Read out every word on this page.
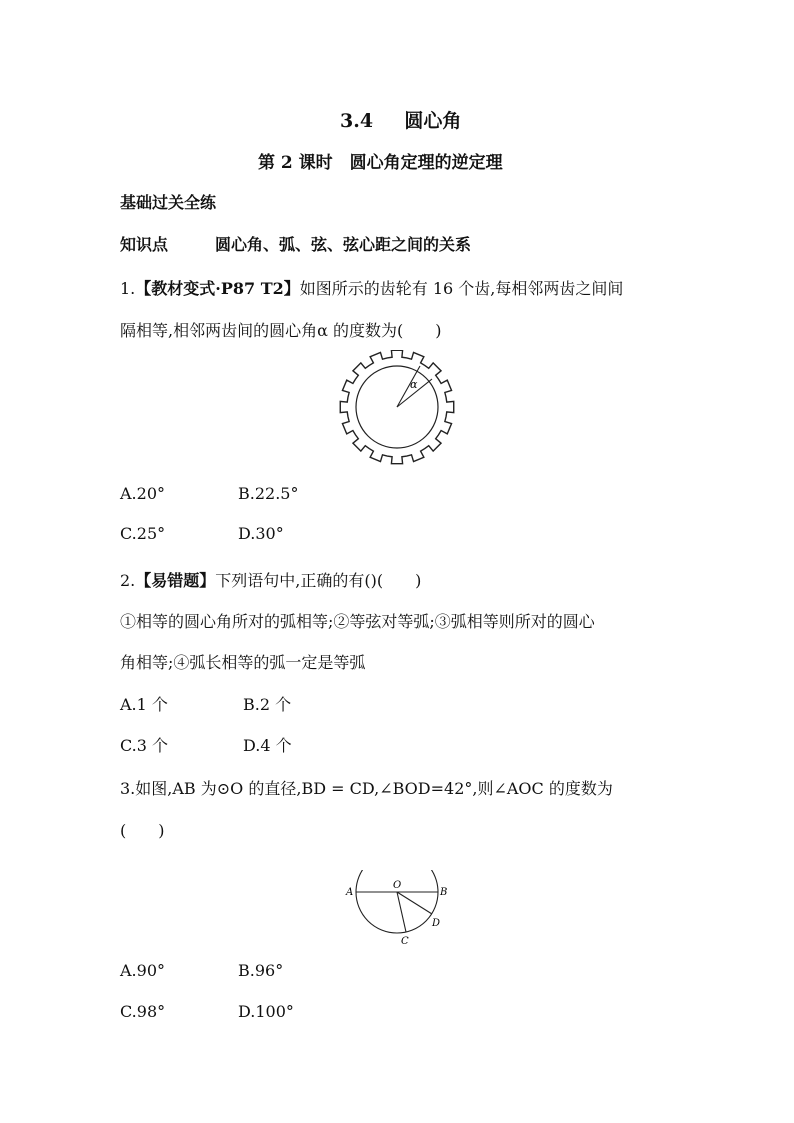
3.4 圆心角
第 2 课时　圆心角定理的逆定理
基础过关全练
知识点	圆心角、弧、弦、弦心距之间的关系
1.【教材变式·P87 T2】如图所示的齿轮有 16 个齿,每相邻两齿之间间
隔相等,相邻两齿间的圆心角α 的度数为(　　)
α
A.20°	B.22.5°
C.25°	D.30°
2.【易错题】下列语句中,正确的有()(　　)
①相等的圆心角所对的弧相等;②等弦对等弧;③弧相等则所对的圆心
角相等;④弧长相等的弧一定是等弧
A.1 个	B.2 个
C.3 个	D.4 个
3.如图,AB 为⊙O 的直径,BD = CD,∠BOD=42°,则∠AOC 的度数为
(　　)
A
O
B
C
D
A.90°	B.96°
C.98°	D.100°
